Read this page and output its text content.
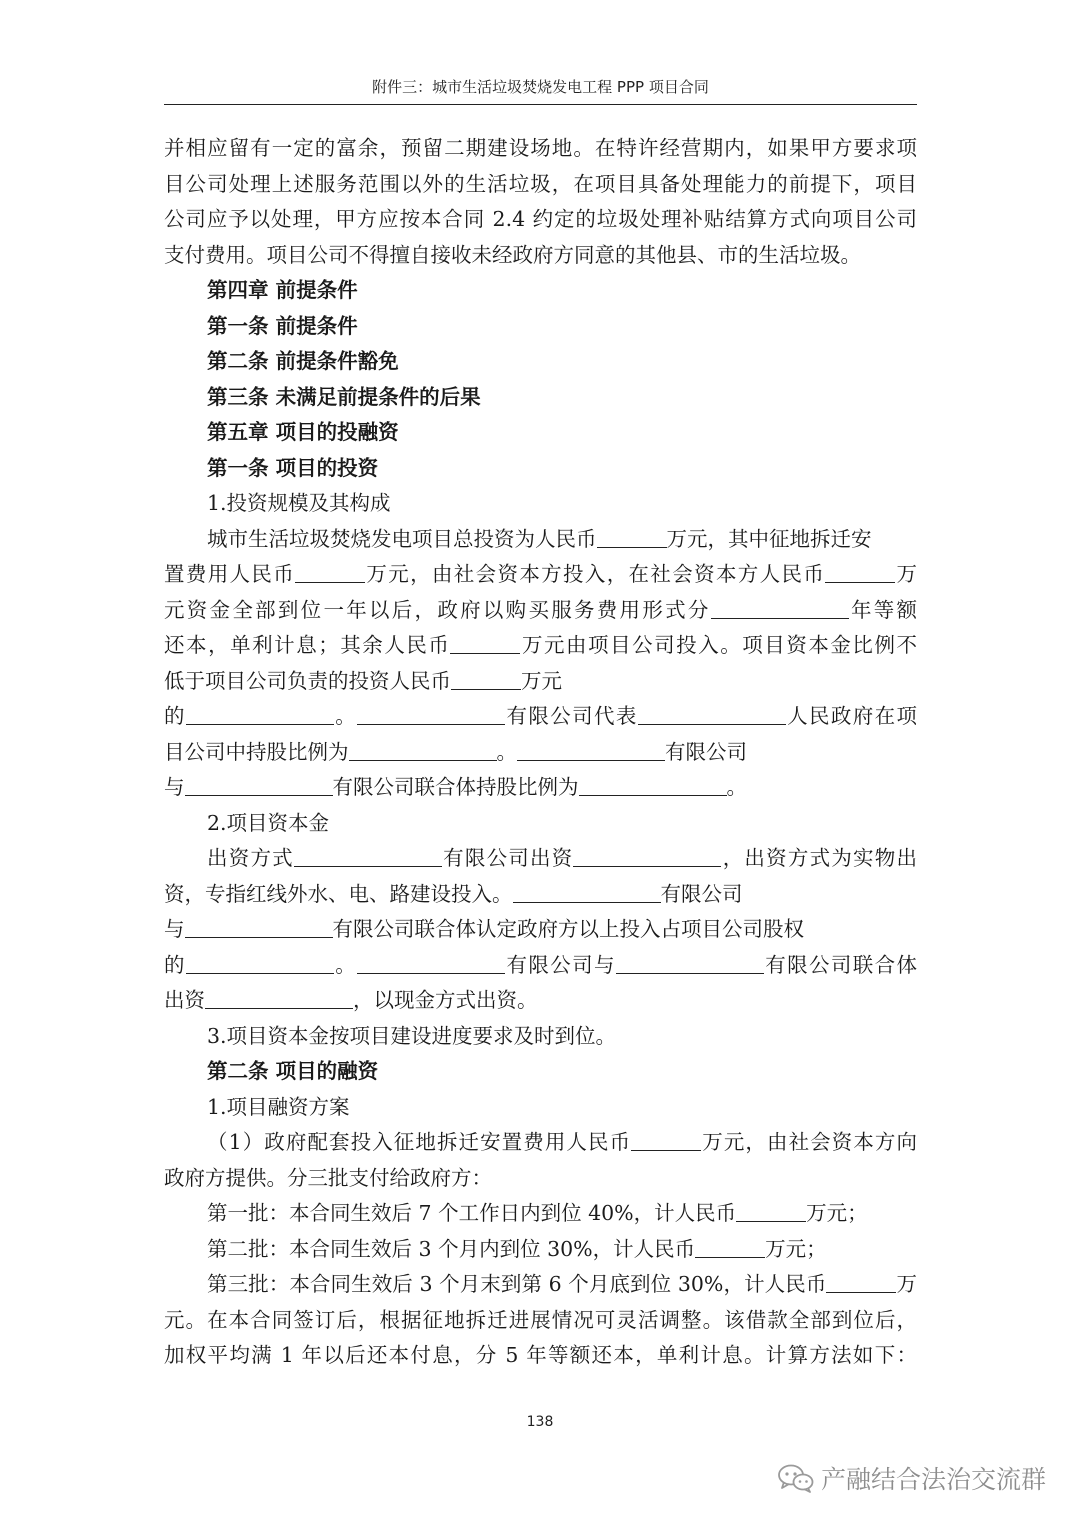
附件三：城市生活垃圾焚烧发电工程 PPP 项目合同

并相应留有一定的富余，预留二期建设场地。在特许经营期内，如果甲方要求项

目公司处理上述服务范围以外的生活垃圾，在项目具备处理能力的前提下，项目

公司应予以处理，甲方应按本合同 2.4 约定的垃圾处理补贴结算方式向项目公司

支付费用。项目公司不得擅自接收未经政府方同意的其他县、市的生活垃圾。

第四章 前提条件

第一条 前提条件

第二条 前提条件豁免

第三条 未满足前提条件的后果

第五章 项目的投融资

第一条 项目的投资

1.投资规模及其构成

城市生活垃圾焚烧发电项目总投资为人民币	万元，其中征地拆迁安

置费用人民币	万元，由社会资本方投入，在社会资本方人民币	万

元资金全部到位一年以后，政府以购买服务费用形式分	年等额

还本，单利计息；其余人民币	万元由项目公司投入。项目资本金比例不

低于项目公司负责的投资人民币	万元

的	。	有限公司代表	人民政府在项

目公司中持股比例为	。	有限公司

与	有限公司联合体持股比例为	。

2.项目资本金

出资方式	有限公司出资	，出资方式为实物出

资，专指红线外水、电、路建设投入。	有限公司

与	有限公司联合体认定政府方以上投入占项目公司股权

的	。	有限公司与	有限公司联合体

出资	，以现金方式出资。

3.项目资本金按项目建设进度要求及时到位。

第二条 项目的融资

1.项目融资方案

（1）政府配套投入征地拆迁安置费用人民币	万元，由社会资本方向

政府方提供。分三批支付给政府方：

第一批：本合同生效后 7 个工作日内到位 40%，计人民币	万元；

第二批：本合同生效后 3 个月内到位 30%，计人民币	万元；

第三批：本合同生效后 3 个月末到第 6 个月底到位 30%，计人民币	万

元。在本合同签订后，根据征地拆迁进展情况可灵活调整。该借款全部到位后，

加权平均满 1 年以后还本付息，分 5 年等额还本，单利计息。计算方法如下：

138
产融结合法治交流群
